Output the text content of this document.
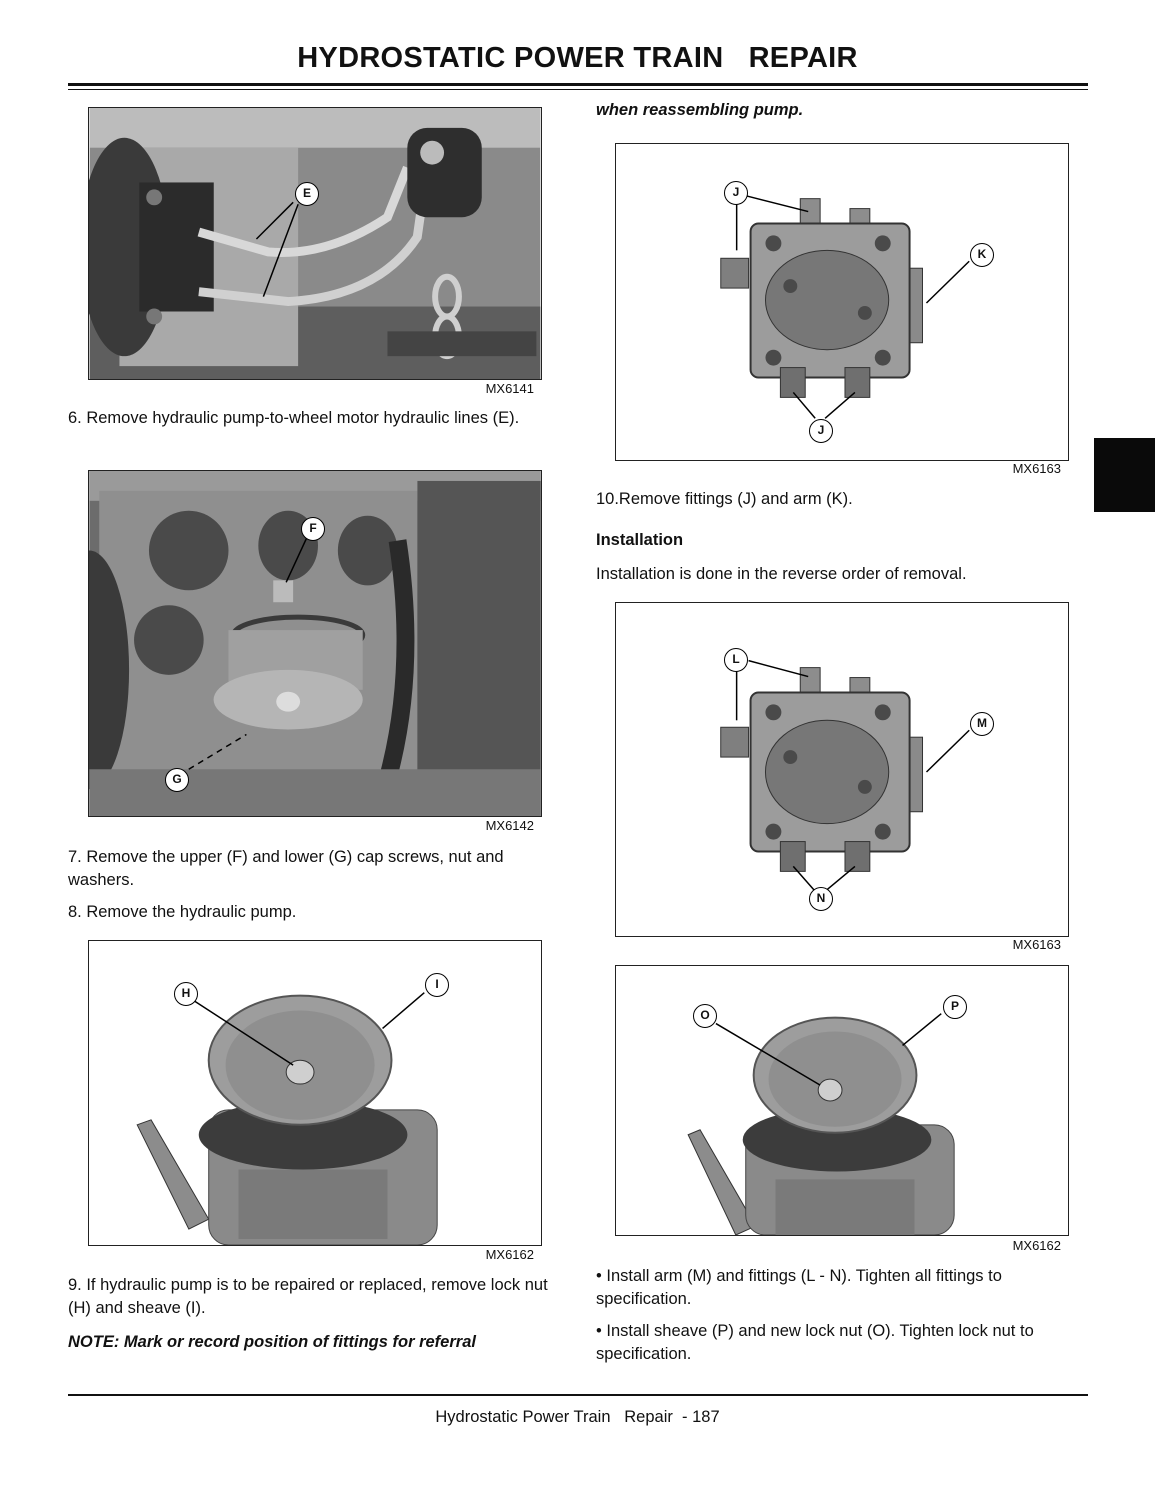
HYDROSTATIC POWER TRAIN   REPAIR
E
MX6141
6. Remove hydraulic pump-to-wheel motor hydraulic lines (E).
F
G
MX6142
7. Remove the upper (F) and lower (G) cap screws, nut and washers.
8. Remove the hydraulic pump.
H
I
MX6162
9. If hydraulic pump is to be repaired or replaced, remove lock nut (H) and sheave (I).
NOTE: Mark or record position of fittings for referral
when reassembling pump.
J
K
J
MX6163
10.Remove fittings (J) and arm (K).
Installation
Installation is done in the reverse order of removal.
L
M
N
MX6163
O
P
MX6162
• Install arm (M) and fittings (L - N). Tighten all fittings to specification.
• Install sheave (P) and new lock nut (O). Tighten lock nut to specification.
Hydrostatic Power Train   Repair  - 187
